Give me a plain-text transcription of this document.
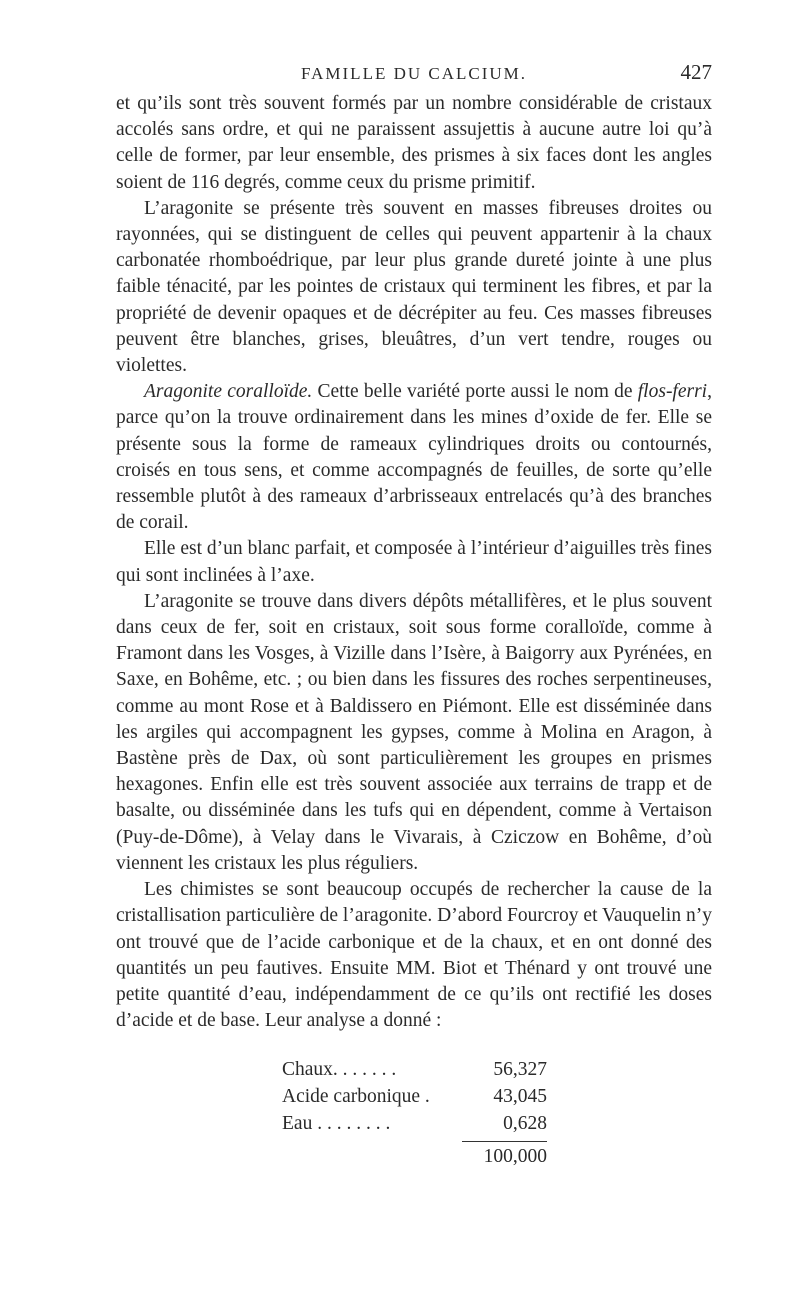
FAMILLE DU CALCIUM.	427

et qu’ils sont très souvent formés par un nombre considérable de cristaux accolés sans ordre, et qui ne paraissent assujettis à aucune autre loi qu’à celle de former, par leur ensemble, des prismes à six faces dont les angles soient de 116 degrés, comme ceux du prisme primitif.

L’aragonite se présente très souvent en masses fibreuses droites ou rayonnées, qui se distinguent de celles qui peuvent appartenir à la chaux carbonatée rhomboédrique, par leur plus grande dureté jointe à une plus faible ténacité, par les pointes de cristaux qui terminent les fibres, et par la propriété de devenir opaques et de décrépiter au feu. Ces masses fibreuses peuvent être blanches, grises, bleuâtres, d’un vert tendre, rouges ou violettes.

Aragonite coralloïde. Cette belle variété porte aussi le nom de flos-ferri, parce qu’on la trouve ordinairement dans les mines d’oxide de fer. Elle se présente sous la forme de rameaux cylindriques droits ou contournés, croisés en tous sens, et comme accompagnés de feuilles, de sorte qu’elle ressemble plutôt à des rameaux d’arbrisseaux entrelacés qu’à des branches de corail.

Elle est d’un blanc parfait, et composée à l’intérieur d’aiguilles très fines qui sont inclinées à l’axe.

L’aragonite se trouve dans divers dépôts métallifères, et le plus souvent dans ceux de fer, soit en cristaux, soit sous forme coralloïde, comme à Framont dans les Vosges, à Vizille dans l’Isère, à Baigorry aux Pyrénées, en Saxe, en Bohême, etc. ; ou bien dans les fissures des roches serpentineuses, comme au mont Rose et à Baldissero en Piémont. Elle est disséminée dans les argiles qui accompagnent les gypses, comme à Molina en Aragon, à Bastène près de Dax, où sont particulièrement les groupes en prismes hexagones. Enfin elle est très souvent associée aux terrains de trapp et de basalte, ou disséminée dans les tufs qui en dépendent, comme à Vertaison (Puy-de-Dôme), à Velay dans le Vivarais, à Cziczow en Bohême, d’où viennent les cristaux les plus réguliers.

Les chimistes se sont beaucoup occupés de rechercher la cause de la cristallisation particulière de l’aragonite. D’abord Fourcroy et Vauquelin n’y ont trouvé que de l’acide carbonique et de la chaux, et en ont donné des quantités un peu fautives. Ensuite MM. Biot et Thénard y ont trouvé une petite quantité d’eau, indépendamment de ce qu’ils ont rectifié les doses d’acide et de base. Leur analyse a donné :

Chaux. . . . . . .	56,327
Acide carbonique .	43,045
Eau . . . . . . . .	0,628
100,000
